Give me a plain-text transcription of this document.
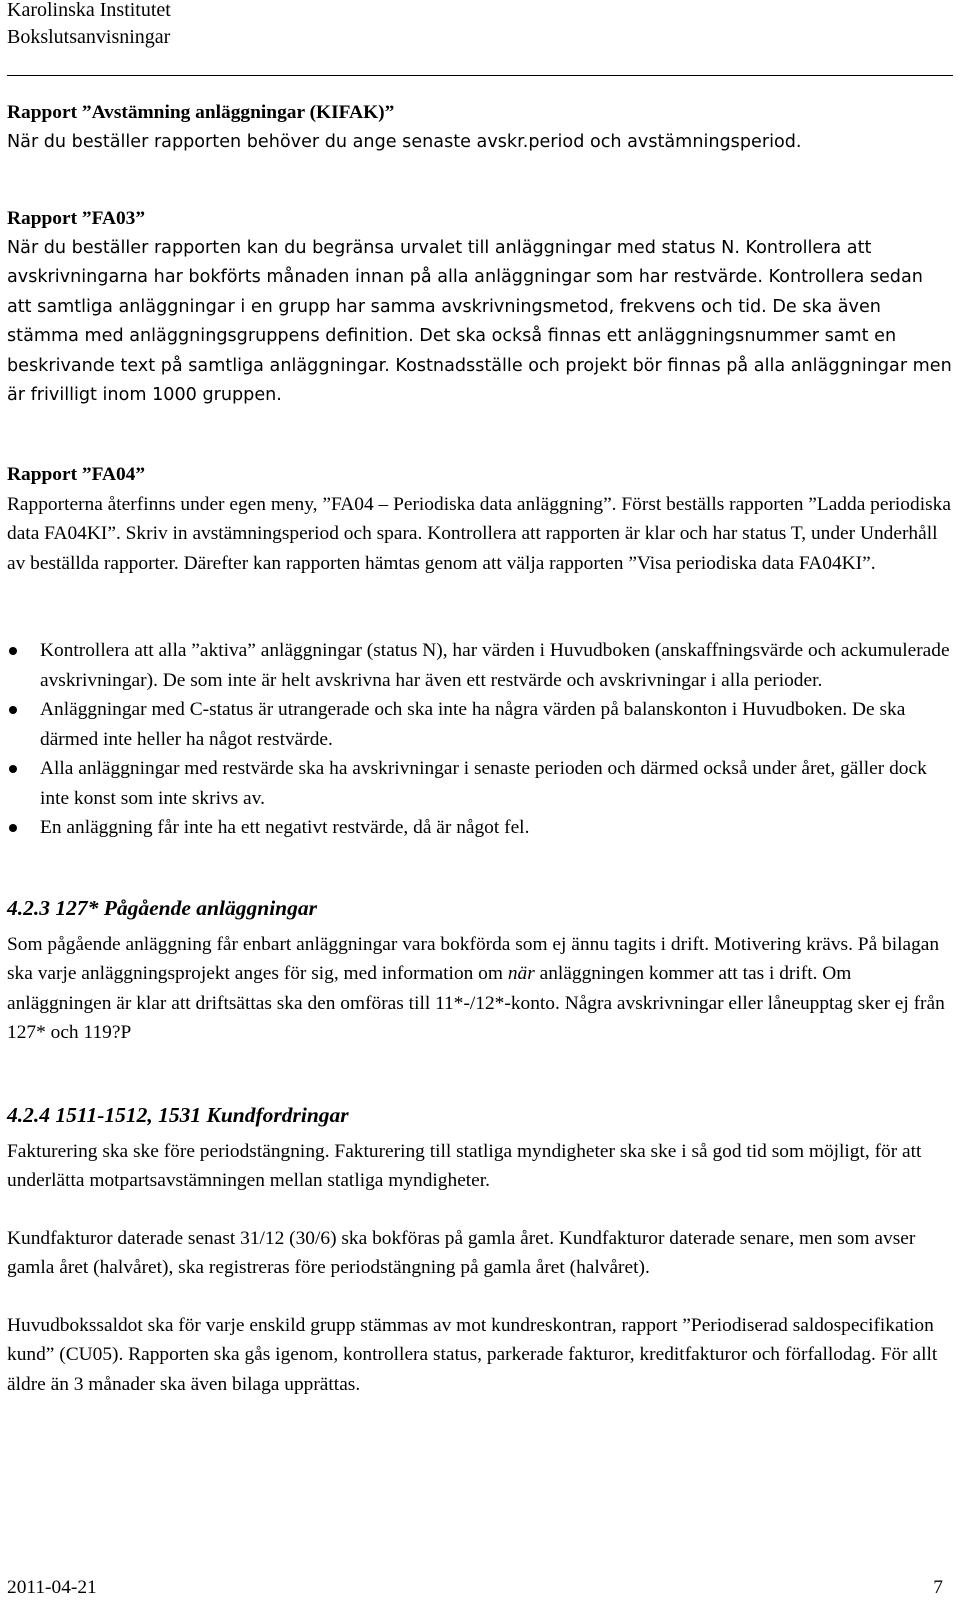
Karolinska Institutet
Bokslutsanvisningar

Rapport ”Avstämning anläggningar (KIFAK)”

När du beställer rapporten behöver du ange senaste avskr.period och avstämningsperiod.

Rapport ”FA03”

När du beställer rapporten kan du begränsa urvalet till anläggningar med status N. Kontrollera att avskrivningarna har bokförts månaden innan på alla anläggningar som har restvärde. Kontrollera sedan att samtliga anläggningar i en grupp har samma avskrivningsmetod, frekvens och tid. De ska även stämma med anläggningsgruppens definition. Det ska också finnas ett anläggningsnummer samt en beskrivande text på samtliga anläggningar. Kostnadsställe och projekt bör finnas på alla anläggningar men är frivilligt inom 1000 gruppen.

Rapport ”FA04”

Rapporterna återfinns under egen meny, ”FA04 – Periodiska data anläggning”. Först beställs rapporten ”Ladda periodiska data FA04KI”. Skriv in avstämningsperiod och spara. Kontrollera att rapporten är klar och har status T, under Underhåll av beställda rapporter. Därefter kan rapporten hämtas genom att välja rapporten ”Visa periodiska data FA04KI”.

Kontrollera att alla ”aktiva” anläggningar (status N), har värden i Huvudboken (anskaffningsvärde och ackumulerade avskrivningar). De som inte är helt avskrivna har även ett restvärde och avskrivningar i alla perioder.
Anläggningar med C-status är utrangerade och ska inte ha några värden på balanskonton i Huvudboken. De ska därmed inte heller ha något restvärde.
Alla anläggningar med restvärde ska ha avskrivningar i senaste perioden och därmed också under året, gäller dock inte konst som inte skrivs av.
En anläggning får inte ha ett negativt restvärde, då är något fel.

4.2.3 127* Pågående anläggningar

Som pågående anläggning får enbart anläggningar vara bokförda som ej ännu tagits i drift. Motivering krävs. På bilagan ska varje anläggningsprojekt anges för sig, med information om när anläggningen kommer att tas i drift. Om anläggningen är klar att driftsättas ska den omföras till 11*-/12*-konto. Några avskrivningar eller låneupptag sker ej från 127* och 119?P

4.2.4 1511-1512, 1531 Kundfordringar

Fakturering ska ske före periodstängning. Fakturering till statliga myndigheter ska ske i så god tid som möjligt, för att underlätta motpartsavstämningen mellan statliga myndigheter.

Kundfakturor daterade senast 31/12 (30/6) ska bokföras på gamla året. Kundfakturor daterade senare, men som avser gamla året (halvåret), ska registreras före periodstängning på gamla året (halvåret).

Huvudbokssaldot ska för varje enskild grupp stämmas av mot kundreskontran, rapport ”Periodiserad saldospecifikation kund” (CU05). Rapporten ska gås igenom, kontrollera status, parkerade fakturor, kreditfakturor och förfallodag. För allt äldre än 3 månader ska även bilaga upprättas.

2011-04-21	7
